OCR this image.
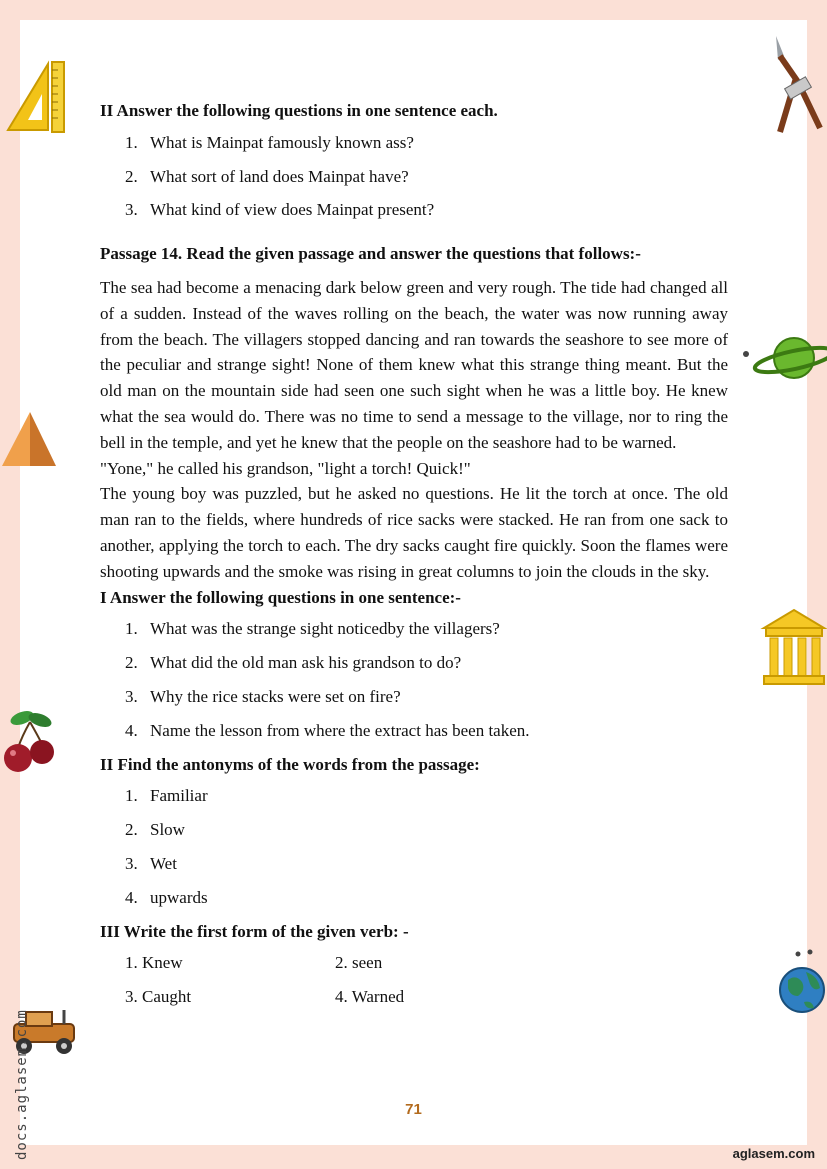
II Answer the following questions in one sentence each.

1. What is Mainpat famously known ass?
2. What sort of land does Mainpat have?
3. What kind of view does Mainpat present?

Passage 14. Read the given passage and answer the questions that follows:-

The sea had become a menacing dark below green and very rough. The tide had changed all of a sudden. Instead of the waves rolling on the beach, the water was now running away from the beach. The villagers stopped dancing and ran towards the seashore to see more of the peculiar and strange sight! None of them knew what this strange thing meant. But the old man on the mountain side had seen one such sight when he was a little boy. He knew what the sea would do. There was no time to send a message to the village, nor to ring the bell in the temple, and yet he knew that the people on the seashore had to be warned.

"Yone," he called his grandson, "light a torch! Quick!"

The young boy was puzzled, but he asked no questions. He lit the torch at once. The old man ran to the fields, where hundreds of rice sacks were stacked. He ran from one sack to another, applying the torch to each. The dry sacks caught fire quickly. Soon the flames were shooting upwards and the smoke was rising in great columns to join the clouds in the sky.

I Answer the following questions in one sentence:-

1. What was the strange sight noticedby the villagers?
2. What did the old man ask his grandson to do?
3. Why the rice stacks were set on fire?
4. Name the lesson from where the extract has been taken.

II Find the antonyms of the words from the passage:

1. Familiar
2. Slow
3. Wet
4. upwards

III Write the first form of the given verb: -

1. Knew	2. seen
3. Caught	4. Warned
71
aglasem.com
docs.aglasem.com
